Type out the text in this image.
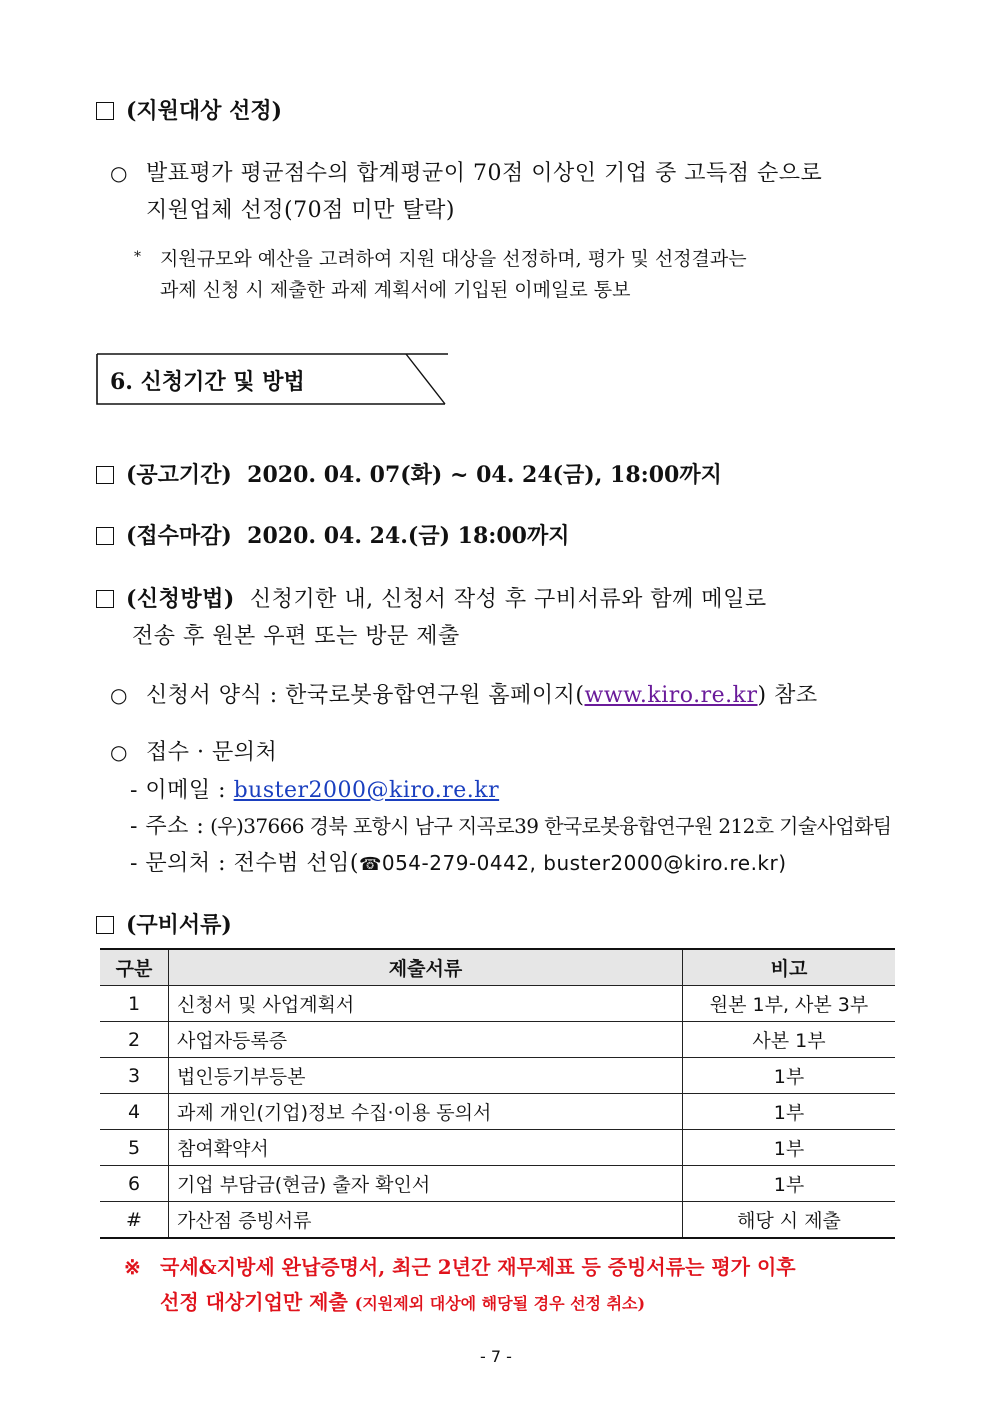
(지원대상 선정)
○ 발표평가 평균점수의 합계평균이 70점 이상인 기업 중 고득점 순으로
지원업체 선정(70점 미만 탈락)
* 지원규모와 예산을 고려하여 지원 대상을 선정하며, 평가 및 선정결과는
과제 신청 시 제출한 과제 계획서에 기입된 이메일로 통보
6. 신청기간 및 방법
(공고기간) 2020. 04. 07(화) ~ 04. 24(금), 18:00까지
(접수마감) 2020. 04. 24.(금) 18:00까지
(신청방법) 신청기한 내, 신청서 작성 후 구비서류와 함께 메일로
전송 후 원본 우편 또는 방문 제출
○ 신청서 양식 : 한국로봇융합연구원 홈페이지(www.kiro.re.kr) 참조
○ 접수 · 문의처
- 이메일 : buster2000@kiro.re.kr
- 주소 : (우)37666 경북 포항시 남구 지곡로39 한국로봇융합연구원 212호 기술사업화팀
- 문의처 : 전수범 선임(☎054-279-0442, buster2000@kiro.re.kr)
(구비서류)
구분	제출서류	비고
1	신청서 및 사업계획서	원본 1부, 사본 3부
2	사업자등록증	사본 1부
3	법인등기부등본	1부
4	과제 개인(기업)정보 수집·이용 동의서	1부
5	참여확약서	1부
6	기업 부담금(현금) 출자 확인서	1부
#	가산점 증빙서류	해당 시 제출
※ 국세&지방세 완납증명서, 최근 2년간 재무제표 등 증빙서류는 평가 이후
선정 대상기업만 제출 (지원제외 대상에 해당될 경우 선정 취소)
- 7 -
